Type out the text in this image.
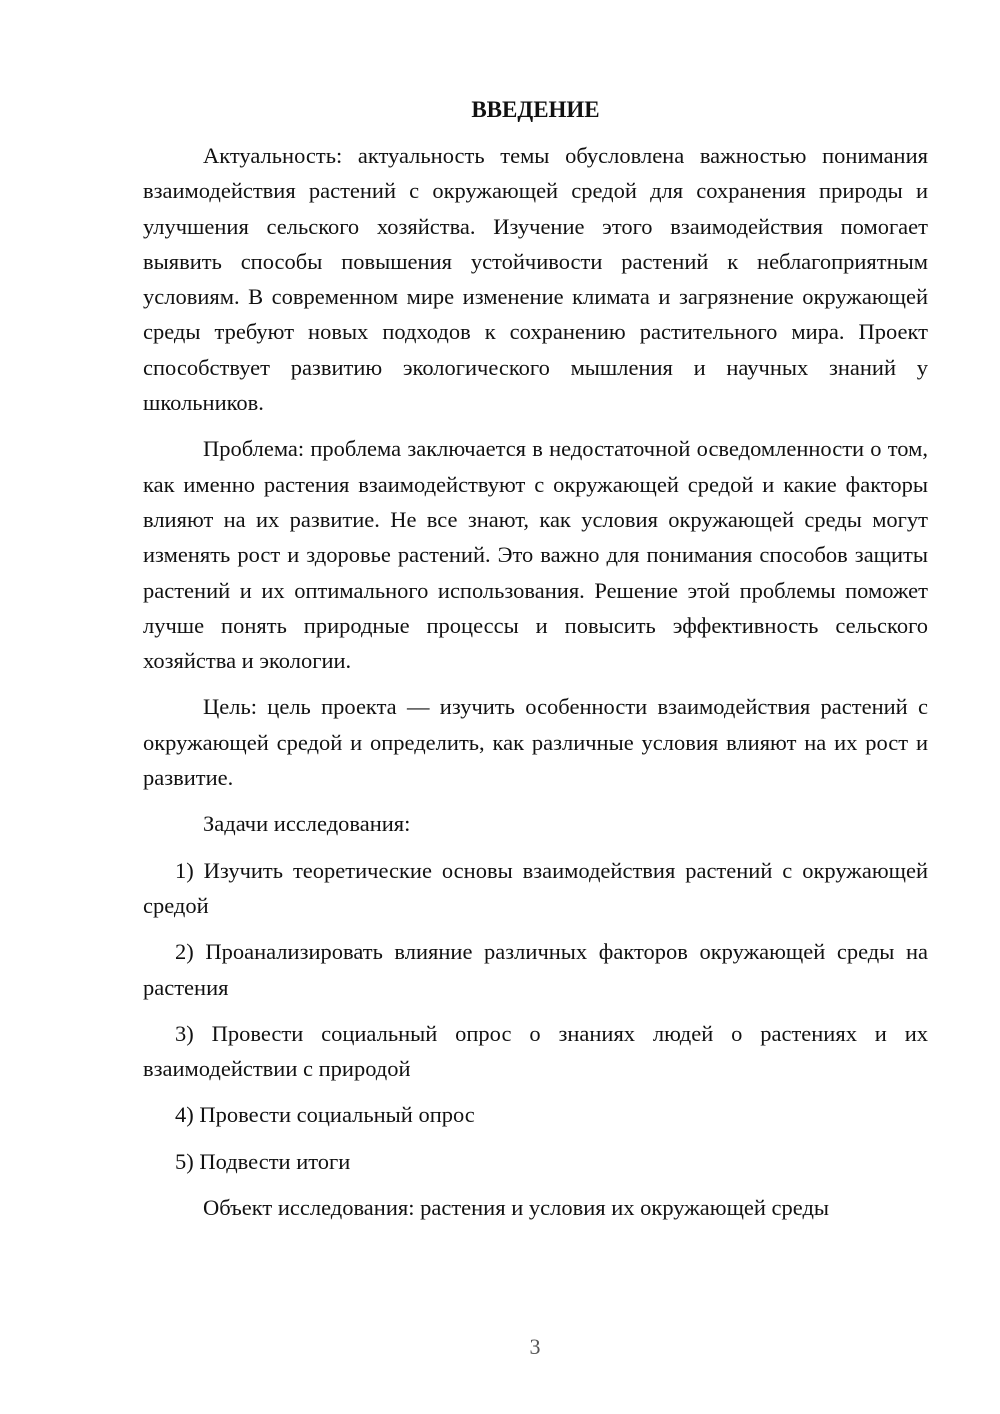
ВВЕДЕНИЕ

Актуальность: актуальность темы обусловлена важностью понимания взаимодействия растений с окружающей средой для сохранения природы и улучшения сельского хозяйства. Изучение этого взаимодействия помогает выявить способы повышения устойчивости растений к неблагоприятным условиям. В современном мире изменение климата и загрязнение окружающей среды требуют новых подходов к сохранению растительного мира. Проект способствует развитию экологического мышления и научных знаний у школьников.

Проблема: проблема заключается в недостаточной осведомленности о том, как именно растения взаимодействуют с окружающей средой и какие факторы влияют на их развитие. Не все знают, как условия окружающей среды могут изменять рост и здоровье растений. Это важно для понимания способов защиты растений и их оптимального использования. Решение этой проблемы поможет лучше понять природные процессы и повысить эффективность сельского хозяйства и экологии.

Цель: цель проекта — изучить особенности взаимодействия растений с окружающей средой и определить, как различные условия влияют на их рост и развитие.

Задачи исследования:

1) Изучить теоретические основы взаимодействия растений с окружающей средой

2) Проанализировать влияние различных факторов окружающей среды на растения

3) Провести социальный опрос о знаниях людей о растениях и их взаимодействии с природой

4) Провести социальный опрос

5) Подвести итоги

Объект исследования: растения и условия их окружающей среды

3
